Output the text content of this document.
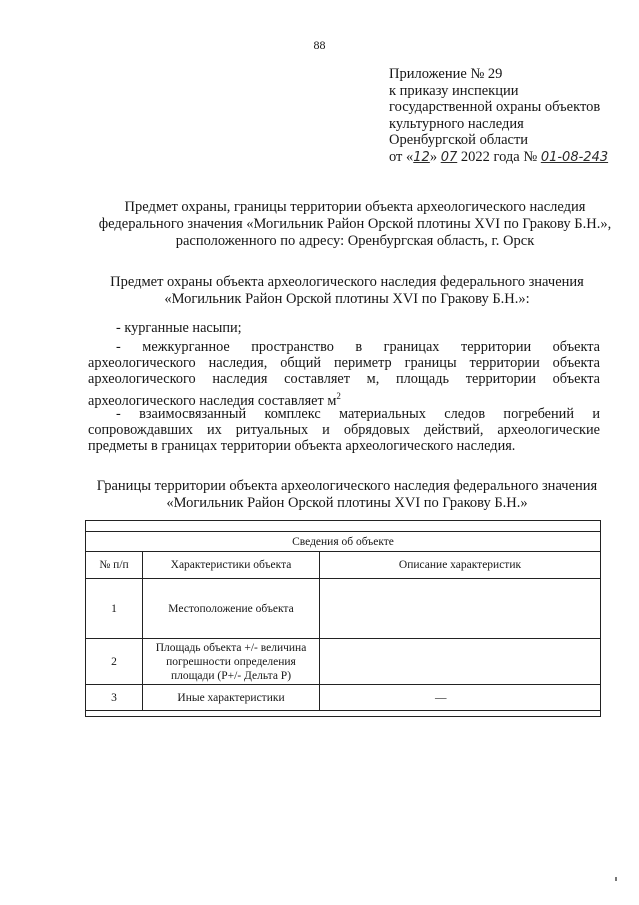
88
Приложение № 29
к приказу инспекции
государственной охраны объектов
культурного наследия
Оренбургской области
от «12» 07 2022 года № 01-08-243
Предмет охраны, границы территории объекта археологического наследия федерального значения «Могильник Район Орской плотины XVI по Гракову Б.Н.», расположенного по адресу: Оренбургская область, г. Орск
Предмет охраны объекта археологического наследия федерального значения «Могильник Район Орской плотины XVI по Гракову Б.Н.»:
- курганные насыпи;
- межкурганное пространство в границах территории объекта археологического наследия, общий периметр границы территории объекта археологического наследия составляет м, площадь территории объекта археологического наследия составляет $м^2$
- взаимосвязанный комплекс материальных следов погребений и сопровождавших их ритуальных и обрядовых действий, археологические предметы в границах территории объекта археологического наследия.
Границы территории объекта археологического наследия федерального значения «Могильник Район Орской плотины XVI по Гракову Б.Н.»
Сведения об объекте		
№ п/п	Характеристики объекта	Описание характеристик
1	Местоположение объекта	
2	Площадь объекта +/- величина погрешности определения площади (Р+/- Дельта Р)	
3	Иные характеристики	—
